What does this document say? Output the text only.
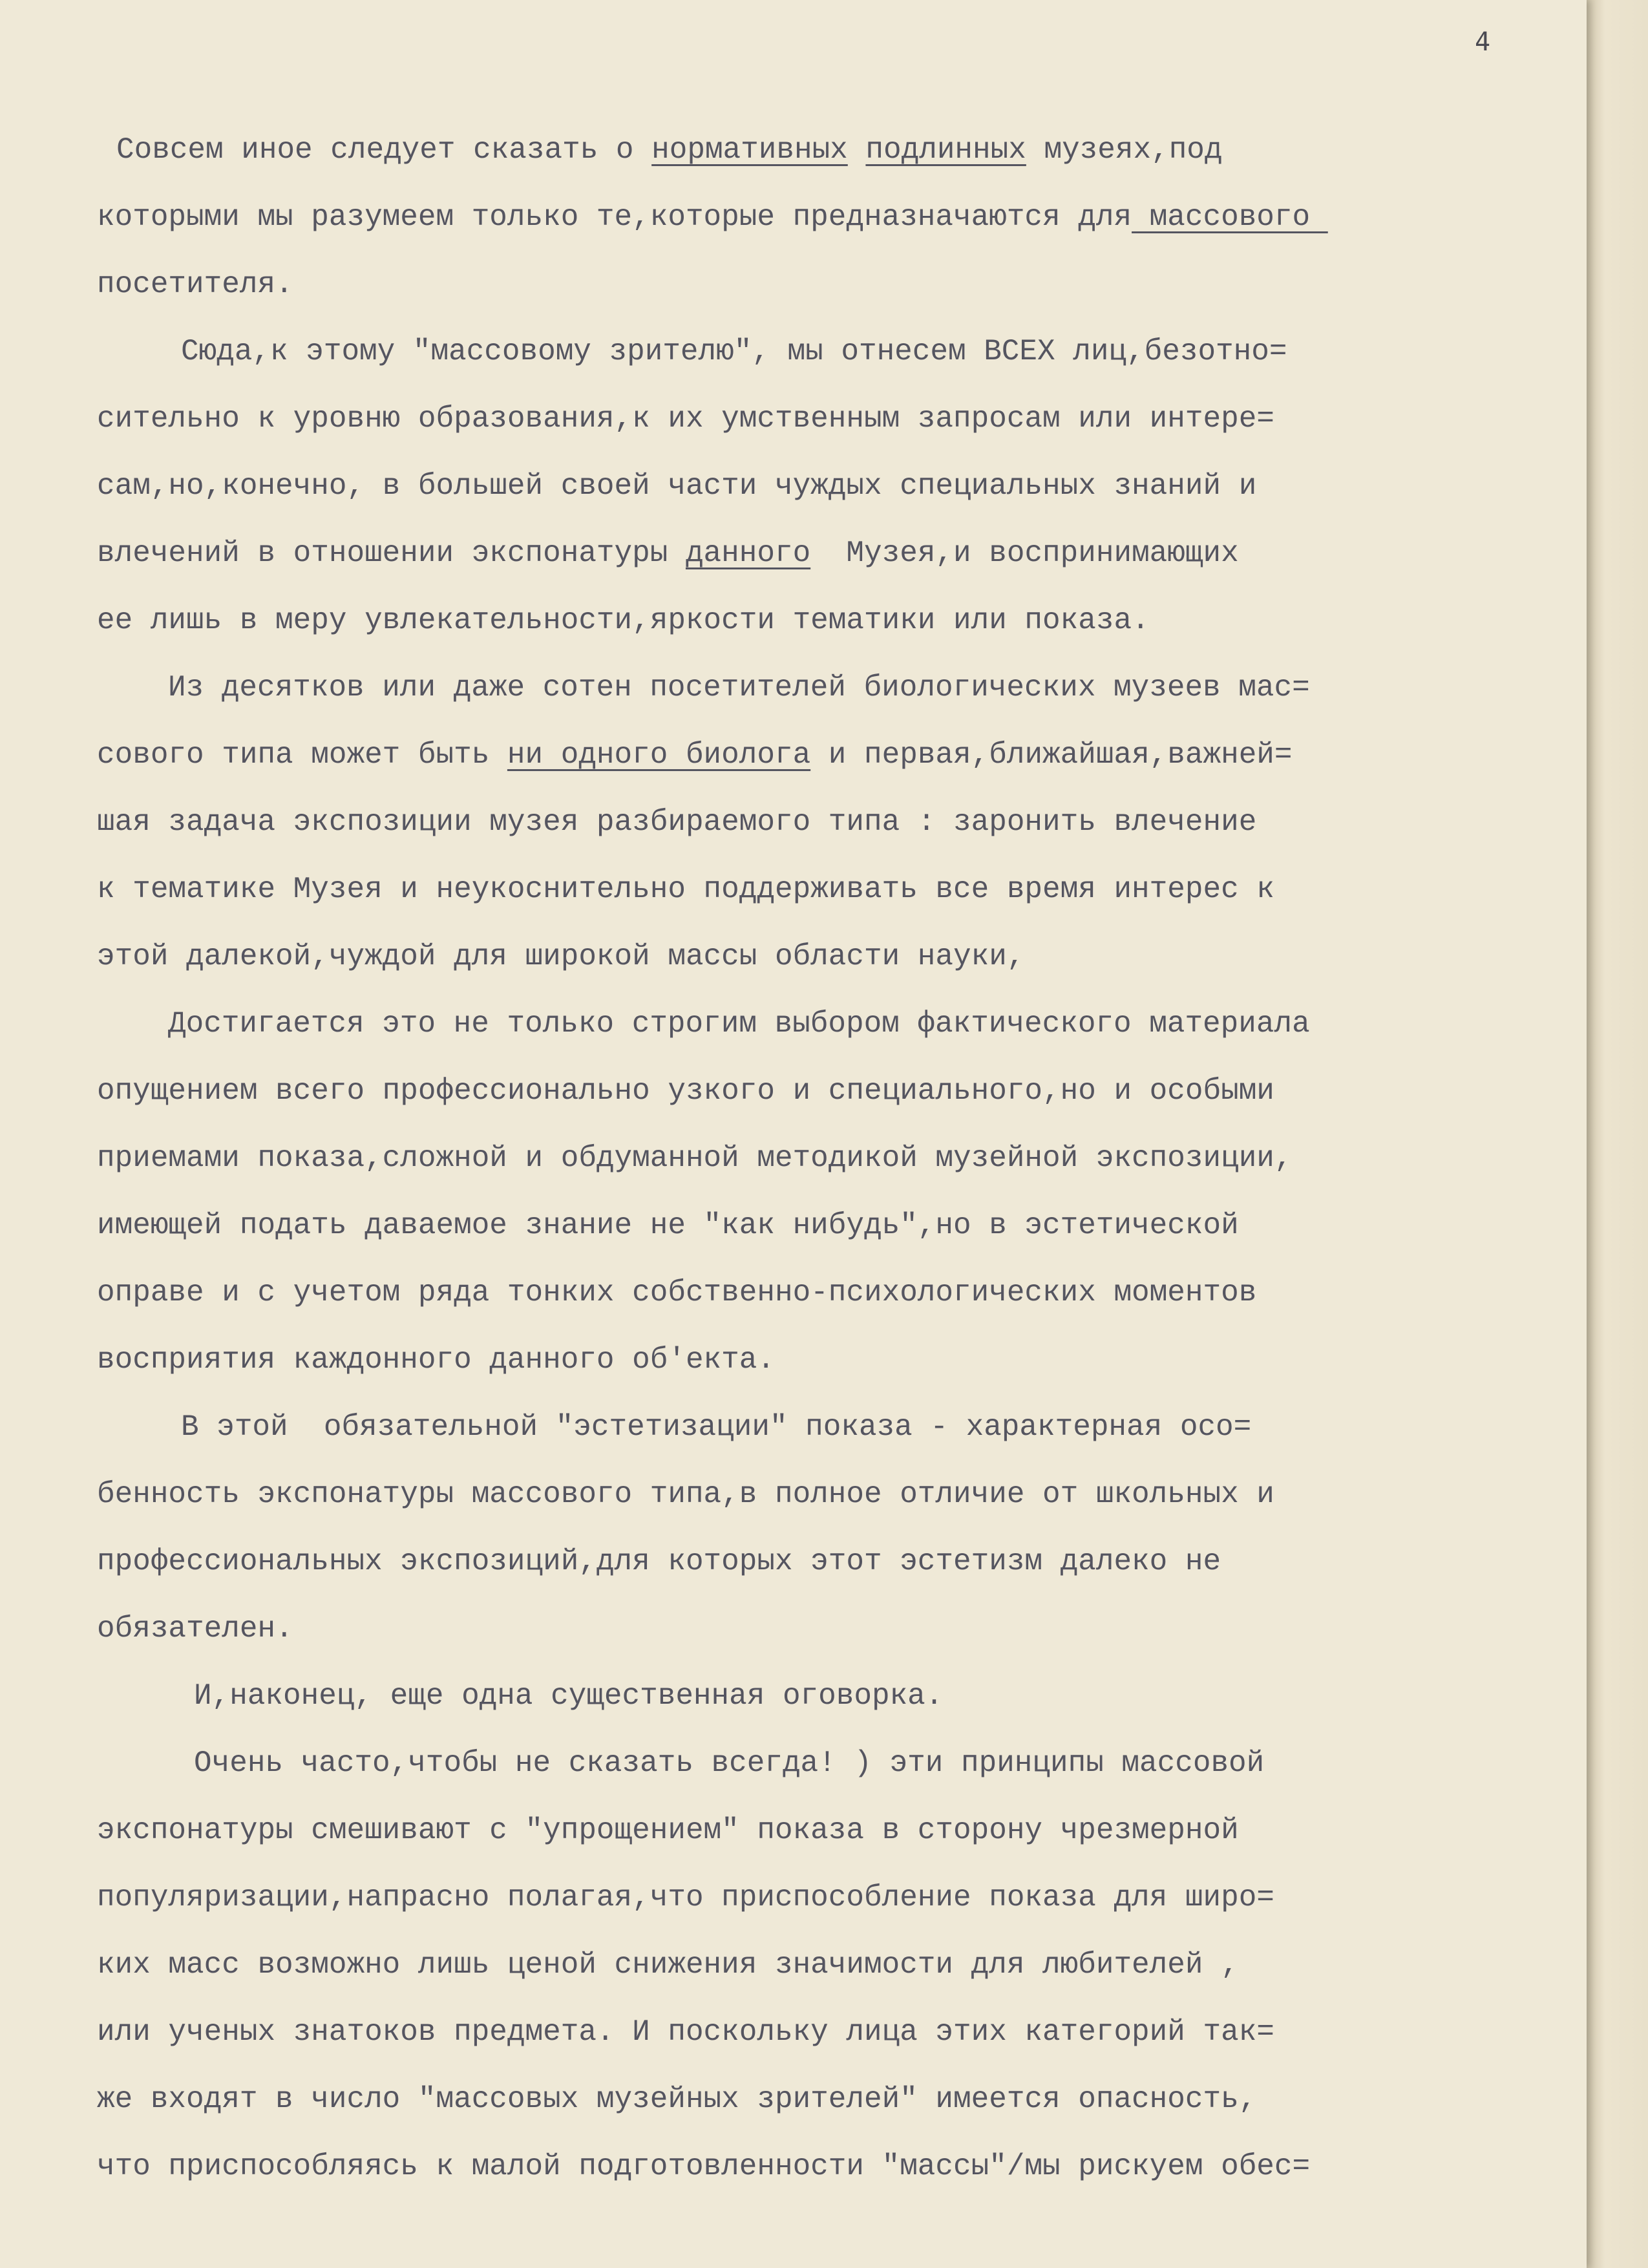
4
Совсем иное следует сказать о нормативных подлинных музеях,под
которыми мы разумеем только те,которые предназначаются для массового
посетителя.
Сюда,к этому "массовому зрителю", мы отнесем ВСЕХ лиц,безотно=
сительно к уровню образования,к их умственным запросам или интере=
сам,но,конечно, в большей своей части чуждых специальных знаний и
влечений в отношении экспонатуры данного  Музея,и воспринимающих
ее лишь в меру увлекательности,яркости тематики или показа.
Из десятков или даже сотен посетителей биологических музеев мас=
сового типа может быть ни одного биолога и первая,ближайшая,важней=
шая задача экспозиции музея разбираемого типа : заронить влечение
к тематике Музея и неукоснительно поддерживать все время интерес к
этой далекой,чуждой для широкой массы области науки,
Достигается это не только строгим выбором фактического материала
опущением всего профессионально узкого и специального,но и особыми
приемами показа,сложной и обдуманной методикой музейной экспозиции,
имеющей подать даваемое знание не "как нибудь",но в эстетической
оправе и с учетом ряда тонких собственно-психологических моментов
восприятия каждонного данного об'екта.
В этой  обязательной "эстетизации" показа - характерная осо=
бенность экспонатуры массового типа,в полное отличие от школьных и
профессиональных экспозиций,для которых этот эстетизм далеко не
обязателен.
И,наконец, еще одна существенная оговорка.
Очень часто,чтобы не сказать всегда! ) эти принципы массовой
экспонатуры смешивают с "упрощением" показа в сторону чрезмерной
популяризации,напрасно полагая,что приспособление показа для широ=
ких масс возможно лишь ценой снижения значимости для любителей ,
или ученых знатоков предмета. И поскольку лица этих категорий так=
же входят в число "массовых музейных зрителей" имеется опасность,
что приспособляясь к малой подготовленности "массы"/мы рискуем обес=
